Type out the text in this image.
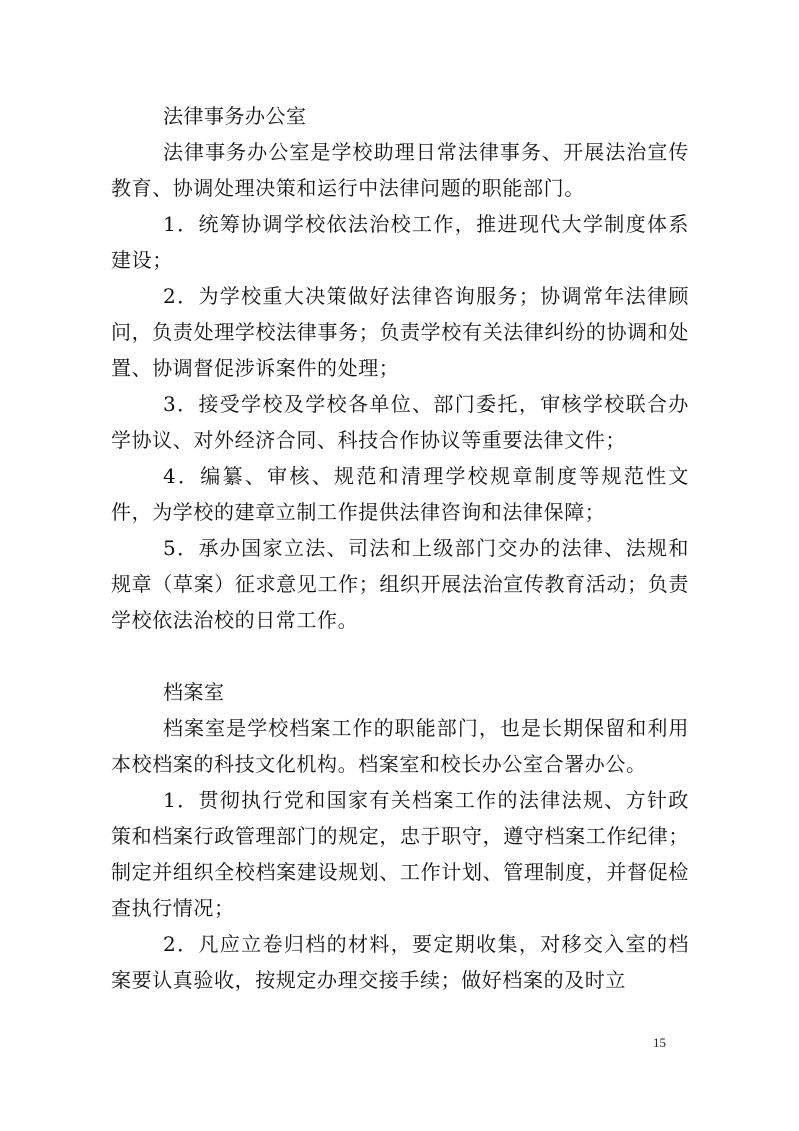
法律事务办公室

法律事务办公室是学校助理日常法律事务、开展法治宣传教育、协调处理决策和运行中法律问题的职能部门。

1．统筹协调学校依法治校工作，推进现代大学制度体系建设；

2．为学校重大决策做好法律咨询服务；协调常年法律顾问，负责处理学校法律事务；负责学校有关法律纠纷的协调和处置、协调督促涉诉案件的处理；

3．接受学校及学校各单位、部门委托，审核学校联合办学协议、对外经济合同、科技合作协议等重要法律文件；

4．编纂、审核、规范和清理学校规章制度等规范性文件，为学校的建章立制工作提供法律咨询和法律保障；

5．承办国家立法、司法和上级部门交办的法律、法规和规章（草案）征求意见工作；组织开展法治宣传教育活动；负责学校依法治校的日常工作。

档案室

档案室是学校档案工作的职能部门，也是长期保留和利用本校档案的科技文化机构。档案室和校长办公室合署办公。

1．贯彻执行党和国家有关档案工作的法律法规、方针政策和档案行政管理部门的规定，忠于职守，遵守档案工作纪律；制定并组织全校档案建设规划、工作计划、管理制度，并督促检查执行情况；

2．凡应立卷归档的材料，要定期收集，对移交入室的档案要认真验收，按规定办理交接手续；做好档案的及时立

15
